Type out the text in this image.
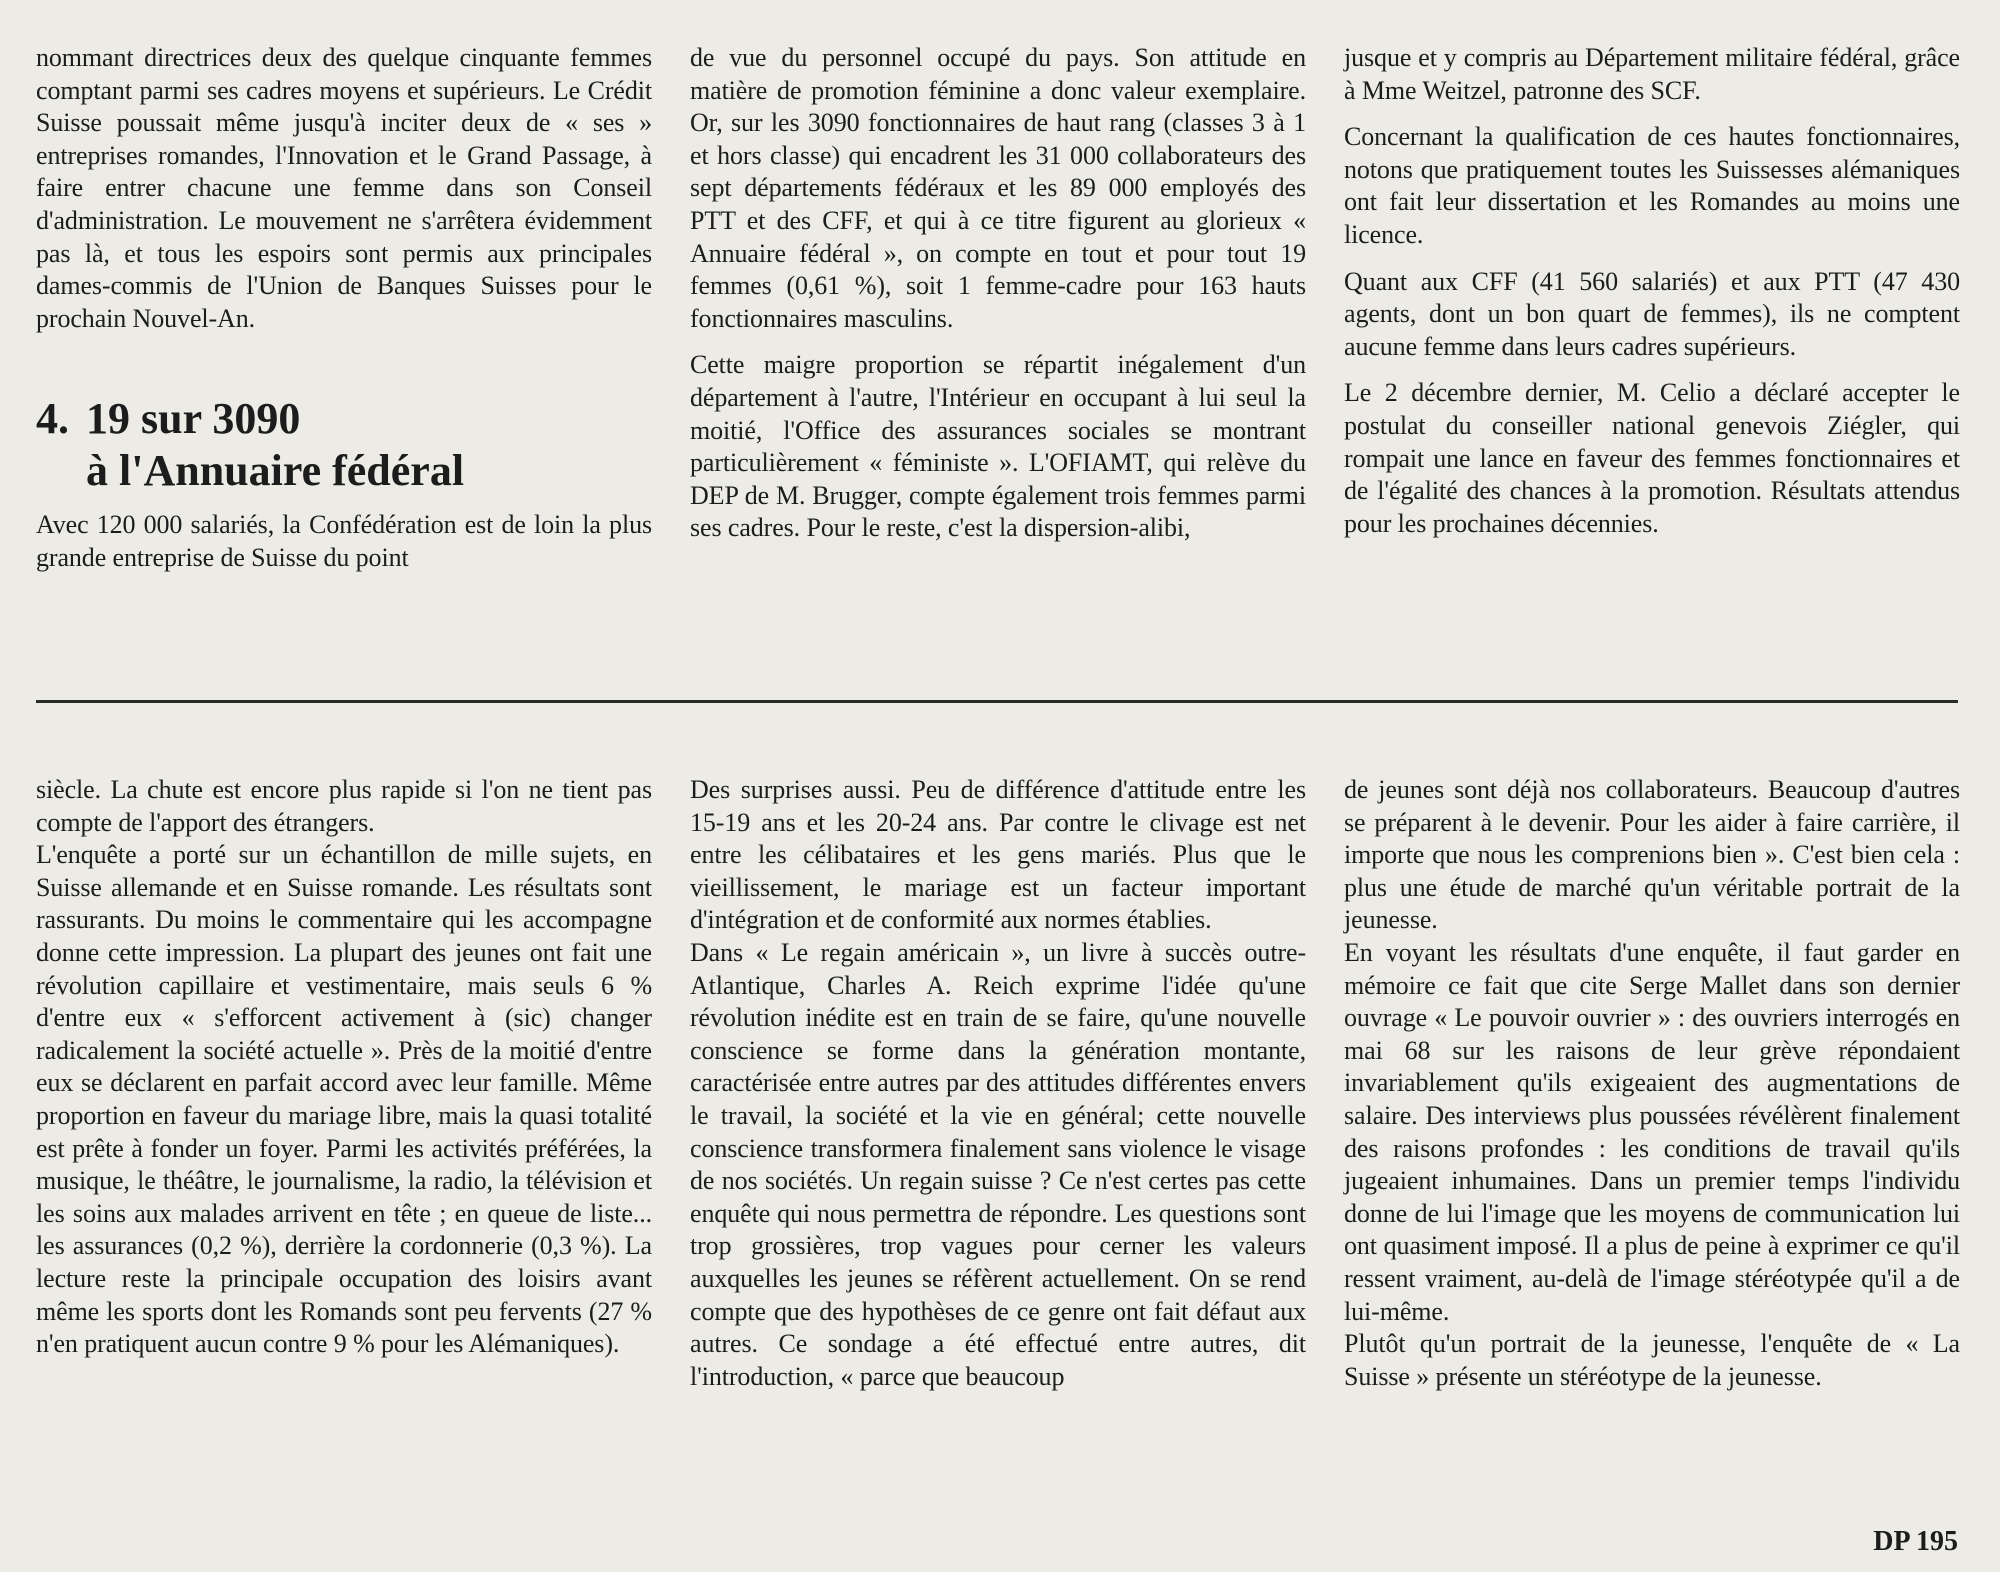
nommant directrices deux des quelque cinquante femmes comptant parmi ses cadres moyens et supérieurs. Le Crédit Suisse poussait même jusqu'à inciter deux de « ses » entreprises romandes, l'Innovation et le Grand Passage, à faire entrer chacune une femme dans son Conseil d'administration. Le mouvement ne s'arrêtera évidemment pas là, et tous les espoirs sont permis aux principales dames-commis de l'Union de Banques Suisses pour le prochain Nouvel-An.

4. 19 sur 3090
à l'Annuaire fédéral

Avec 120 000 salariés, la Confédération est de loin la plus grande entreprise de Suisse du point

de vue du personnel occupé du pays. Son attitude en matière de promotion féminine a donc valeur exemplaire. Or, sur les 3090 fonctionnaires de haut rang (classes 3 à 1 et hors classe) qui encadrent les 31 000 collaborateurs des sept départements fédéraux et les 89 000 employés des PTT et des CFF, et qui à ce titre figurent au glorieux « Annuaire fédéral », on compte en tout et pour tout 19 femmes (0,61 %), soit 1 femme-cadre pour 163 hauts fonctionnaires masculins.

Cette maigre proportion se répartit inégalement d'un département à l'autre, l'Intérieur en occupant à lui seul la moitié, l'Office des assurances sociales se montrant particulièrement « féministe ». L'OFIAMT, qui relève du DEP de M. Brugger, compte également trois femmes parmi ses cadres. Pour le reste, c'est la dispersion-alibi,

jusque et y compris au Département militaire fédéral, grâce à Mme Weitzel, patronne des SCF.

Concernant la qualification de ces hautes fonctionnaires, notons que pratiquement toutes les Suissesses alémaniques ont fait leur dissertation et les Romandes au moins une licence.

Quant aux CFF (41 560 salariés) et aux PTT (47 430 agents, dont un bon quart de femmes), ils ne comptent aucune femme dans leurs cadres supérieurs.

Le 2 décembre dernier, M. Celio a déclaré accepter le postulat du conseiller national genevois Ziégler, qui rompait une lance en faveur des femmes fonctionnaires et de l'égalité des chances à la promotion. Résultats attendus pour les prochaines décennies.

siècle. La chute est encore plus rapide si l'on ne tient pas compte de l'apport des étrangers.

L'enquête a porté sur un échantillon de mille sujets, en Suisse allemande et en Suisse romande. Les résultats sont rassurants. Du moins le commentaire qui les accompagne donne cette impression. La plupart des jeunes ont fait une révolution capillaire et vestimentaire, mais seuls 6 % d'entre eux « s'efforcent activement à (sic) changer radicalement la société actuelle ». Près de la moitié d'entre eux se déclarent en parfait accord avec leur famille. Même proportion en faveur du mariage libre, mais la quasi totalité est prête à fonder un foyer. Parmi les activités préférées, la musique, le théâtre, le journalisme, la radio, la télévision et les soins aux malades arrivent en tête ; en queue de liste... les assurances (0,2 %), derrière la cordonnerie (0,3 %). La lecture reste la principale occupation des loisirs avant même les sports dont les Romands sont peu fervents (27 % n'en pratiquent aucun contre 9 % pour les Alémaniques).

Des surprises aussi. Peu de différence d'attitude entre les 15-19 ans et les 20-24 ans. Par contre le clivage est net entre les célibataires et les gens mariés. Plus que le vieillissement, le mariage est un facteur important d'intégration et de conformité aux normes établies.

Dans « Le regain américain », un livre à succès outre-Atlantique, Charles A. Reich exprime l'idée qu'une révolution inédite est en train de se faire, qu'une nouvelle conscience se forme dans la génération montante, caractérisée entre autres par des attitudes différentes envers le travail, la société et la vie en général; cette nouvelle conscience transformera finalement sans violence le visage de nos sociétés. Un regain suisse ? Ce n'est certes pas cette enquête qui nous permettra de répondre. Les questions sont trop grossières, trop vagues pour cerner les valeurs auxquelles les jeunes se réfèrent actuellement. On se rend compte que des hypothèses de ce genre ont fait défaut aux autres. Ce sondage a été effectué entre autres, dit l'introduction, « parce que beaucoup

de jeunes sont déjà nos collaborateurs. Beaucoup d'autres se préparent à le devenir. Pour les aider à faire carrière, il importe que nous les comprenions bien ». C'est bien cela : plus une étude de marché qu'un véritable portrait de la jeunesse.

En voyant les résultats d'une enquête, il faut garder en mémoire ce fait que cite Serge Mallet dans son dernier ouvrage « Le pouvoir ouvrier » : des ouvriers interrogés en mai 68 sur les raisons de leur grève répondaient invariablement qu'ils exigeaient des augmentations de salaire. Des interviews plus poussées révélèrent finalement des raisons profondes : les conditions de travail qu'ils jugeaient inhumaines. Dans un premier temps l'individu donne de lui l'image que les moyens de communication lui ont quasiment imposé. Il a plus de peine à exprimer ce qu'il ressent vraiment, au-delà de l'image stéréotypée qu'il a de lui-même.

Plutôt qu'un portrait de la jeunesse, l'enquête de « La Suisse » présente un stéréotype de la jeunesse.

DP 195
